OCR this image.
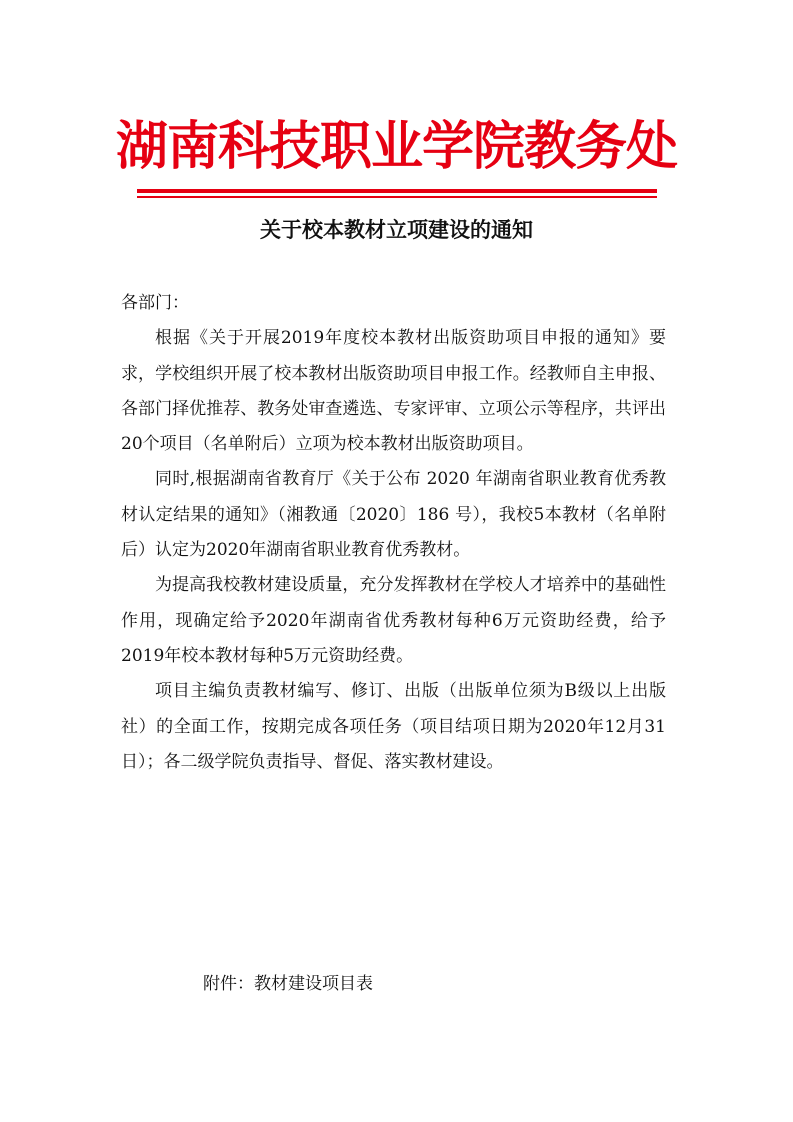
湖南科技职业学院教务处
关于校本教材立项建设的通知

各部门：

根据《关于开展2019年度校本教材出版资助项目申报的通知》要求，学校组织开展了校本教材出版资助项目申报工作。经教师自主申报、各部门择优推荐、教务处审查遴选、专家评审、立项公示等程序，共评出20个项目（名单附后）立项为校本教材出版资助项目。

同时,根据湖南省教育厅《关于公布 2020 年湖南省职业教育优秀教材认定结果的通知》（湘教通〔2020〕186 号），我校5本教材（名单附后）认定为2020年湖南省职业教育优秀教材。

为提高我校教材建设质量，充分发挥教材在学校人才培养中的基础性作用，现确定给予2020年湖南省优秀教材每种6万元资助经费，给予2019年校本教材每种5万元资助经费。

项目主编负责教材编写、修订、出版（出版单位须为B级以上出版社）的全面工作，按期完成各项任务（项目结项日期为2020年12月31日）；各二级学院负责指导、督促、落实教材建设。

附件：教材建设项目表
